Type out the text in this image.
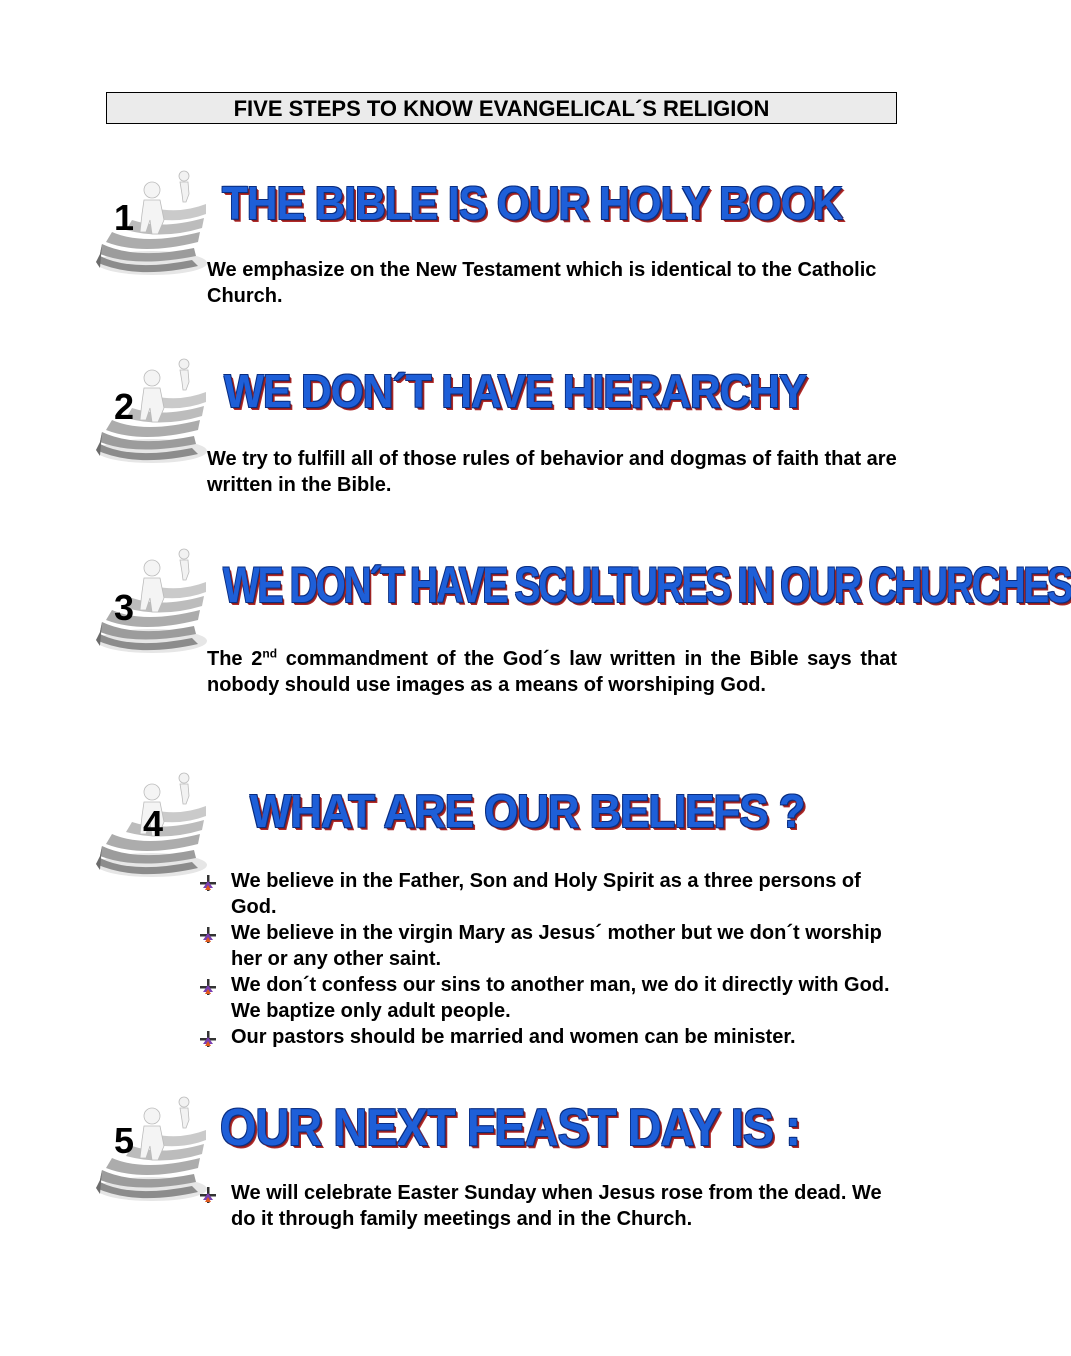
FIVE STEPS TO KNOW EVANGELICAL´S RELIGION
1 THE BIBLE IS OUR HOLY BOOK
We emphasize on the New Testament which is identical to the Catholic Church.
2 WE DON´T HAVE HIERARCHY
We try to fulfill all of those rules of behavior and dogmas of faith that are written in the Bible.
3 WE DON´T HAVE SCULTURES IN OUR CHURCHES
The 2nd commandment of the God´s law written in the Bible says that nobody should use images as a means of worshiping God.
4 WHAT ARE OUR BELIEFS ?
We believe in the Father, Son and Holy Spirit as a three persons of God.
We believe in the virgin Mary as Jesus´ mother but we don´t worship her or any other saint.
We don´t confess our sins to another man, we do it directly with God. We baptize only adult people.
Our pastors should be married and women can be minister.
5 OUR NEXT FEAST DAY IS :
We will celebrate Easter Sunday when Jesus rose from the dead. We do it through family meetings and in the Church.
